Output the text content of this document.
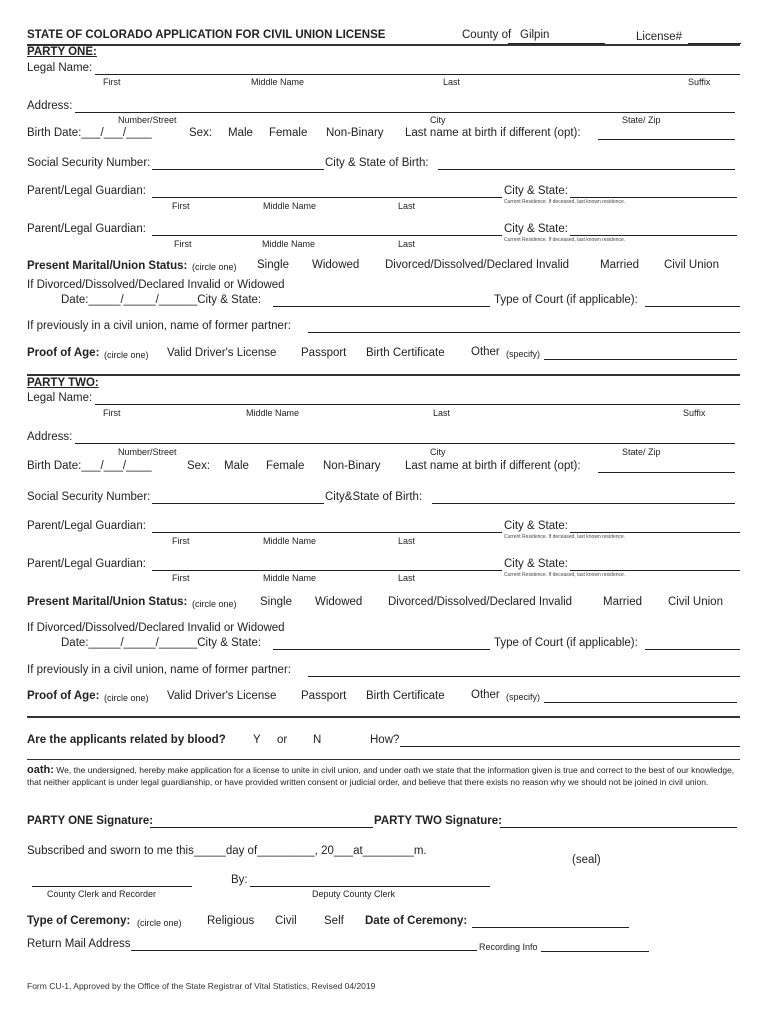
STATE OF COLORADO APPLICATION FOR CIVIL UNION LICENSE	County of Gilpin	License#
PARTY ONE:
Legal Name:
First	Middle Name	Last	Suffix
Address:
Number/Street	City	State/ Zip
Birth Date:___/___/____	Sex: Male Female Non-Binary Last name at birth if different (opt):
Social Security Number:	City & State of Birth:
Parent/Legal Guardian:	City & State:
First	Middle Name	Last	Current Residence. If deceased, last known residence.
Parent/Legal Guardian:	City & State:
First	Middle Name	Last	Current Residence. If deceased, last known residence.
Present Marital/Union Status: (circle one) Single Widowed Divorced/Dissolved/Declared Invalid	Married Civil Union
If Divorced/Dissolved/Declared Invalid or Widowed
Date:_____/_____/______City & State:	Type of Court (if applicable):
If previously in a civil union, name of former partner:
Proof of Age: (circle one) Valid Driver's License Passport Birth Certificate Other (specify)
PARTY TWO:
Legal Name:
First	Middle Name	Last	Suffix
Address:
Number/Street	City	State/ Zip
Birth Date:___/___/____	Sex: Male Female Non-Binary Last name at birth if different (opt):
Social Security Number:	City&State of Birth:
Parent/Legal Guardian:	City & State:
First	Middle Name	Last	Current Residence. If deceased, last known residence.
Parent/Legal Guardian:	City & State:
First	Middle Name	Last	Current Residence. If deceased, last known residence.
Present Marital/Union Status: (circle one) Single Widowed Divorced/Dissolved/Declared Invalid	Married Civil Union
If Divorced/Dissolved/Declared Invalid or Widowed
Date:_____/_____/______City & State:	Type of Court (if applicable):
If previously in a civil union, name of former partner:
Proof of Age: (circle one) Valid Driver's License Passport Birth Certificate Other (specify)
Are the applicants related by blood? Y or N	How?
oath: We, the undersigned, hereby make application for a license to unite in civil union, and under oath we state that the information given is true and correct to the best of our knowledge, that neither applicant is under legal guardianship, or have provided written consent or judicial order, and believe that there exists no reason why we should not be joined in civil union.
PARTY ONE Signature:	PARTY TWO Signature:
Subscribed and sworn to me this_____day of_________, 20___at________m.
(seal)
By:
County Clerk and Recorder	Deputy County Clerk
Type of Ceremony: (circle one) Religious Civil Self Date of Ceremony:
Return Mail Address	Recording Info
Form CU-1, Approved by the Office of the State Registrar of Vital Statistics, Revised 04/2019
